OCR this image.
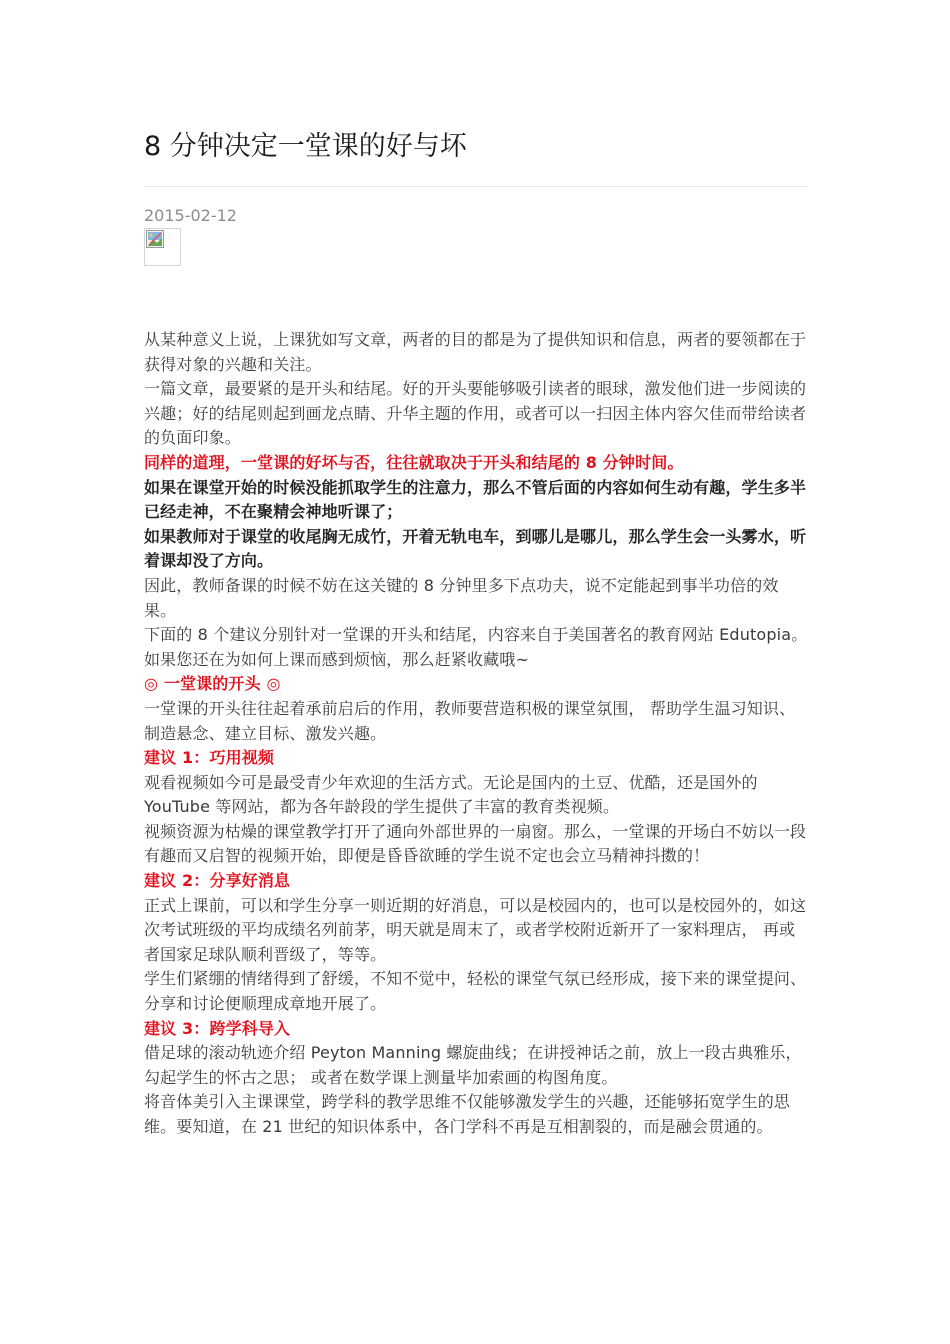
8 分钟决定一堂课的好与坏
2015-02-12

从某种意义上说，上课犹如写文章，两者的目的都是为了提供知识和信息，两者的要领都在于获得对象的兴趣和关注。

一篇文章，最要紧的是开头和结尾。好的开头要能够吸引读者的眼球，激发他们进一步阅读的兴趣；好的结尾则起到画龙点睛、升华主题的作用，或者可以一扫因主体内容欠佳而带给读者的负面印象。

同样的道理，一堂课的好坏与否，往往就取决于开头和结尾的 8 分钟时间。

如果在课堂开始的时候没能抓取学生的注意力，那么不管后面的内容如何生动有趣，学生多半已经走神，不在聚精会神地听课了；

如果教师对于课堂的收尾胸无成竹，开着无轨电车，到哪儿是哪儿，那么学生会一头雾水，听着课却没了方向。

因此，教师备课的时候不妨在这关键的 8 分钟里多下点功夫，说不定能起到事半功倍的效果。

下面的 8 个建议分别针对一堂课的开头和结尾，内容来自于美国著名的教育网站 Edutopia。如果您还在为如何上课而感到烦恼，那么赶紧收藏哦~

◎ 一堂课的开头 ◎

一堂课的开头往往起着承前启后的作用，教师要营造积极的课堂氛围， 帮助学生温习知识、制造悬念、建立目标、激发兴趣。

建议 1：巧用视频

观看视频如今可是最受青少年欢迎的生活方式。无论是国内的土豆、优酷，还是国外的 YouTube 等网站，都为各年龄段的学生提供了丰富的教育类视频。

视频资源为枯燥的课堂教学打开了通向外部世界的一扇窗。那么，一堂课的开场白不妨以一段有趣而又启智的视频开始，即便是昏昏欲睡的学生说不定也会立马精神抖擞的！

建议 2：分享好消息

正式上课前，可以和学生分享一则近期的好消息，可以是校园内的，也可以是校园外的，如这次考试班级的平均成绩名列前茅，明天就是周末了，或者学校附近新开了一家料理店， 再或者国家足球队顺利晋级了，等等。

学生们紧绷的情绪得到了舒缓，不知不觉中，轻松的课堂气氛已经形成，接下来的课堂提问、分享和讨论便顺理成章地开展了。

建议 3：跨学科导入

借足球的滚动轨迹介绍 Peyton Manning 螺旋曲线；在讲授神话之前，放上一段古典雅乐，勾起学生的怀古之思； 或者在数学课上测量毕加索画的构图角度。

将音体美引入主课课堂，跨学科的教学思维不仅能够激发学生的兴趣，还能够拓宽学生的思维。要知道，在 21 世纪的知识体系中，各门学科不再是互相割裂的，而是融会贯通的。
